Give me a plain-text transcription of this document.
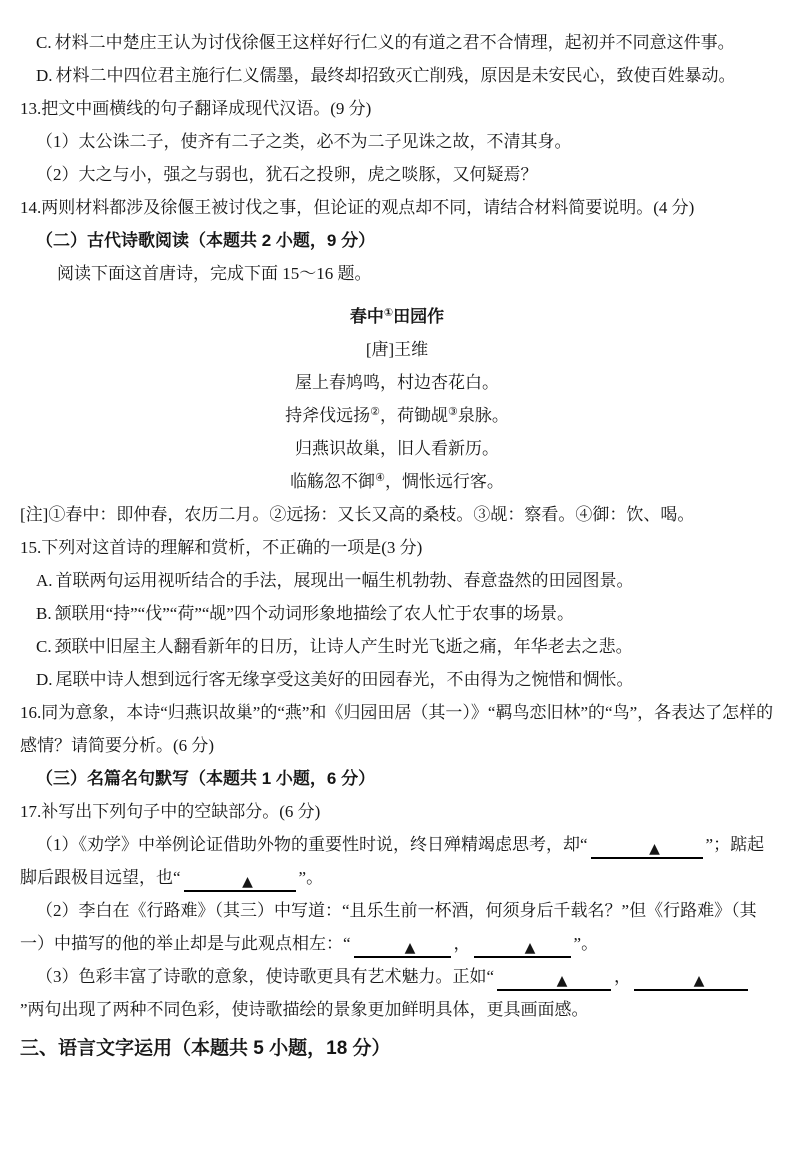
C. 材料二中楚庄王认为讨伐徐偃王这样好行仁义的有道之君不合情理，起初并不同意这件事。

D. 材料二中四位君主施行仁义儒墨，最终却招致灭亡削残，原因是未安民心，致使百姓暴动。

13.把文中画横线的句子翻译成现代汉语。(9 分)

（1）太公诛二子，使齐有二子之类，必不为二子见诛之故，不清其身。

（2）大之与小，强之与弱也，犹石之投卵，虎之啖豚，又何疑焉？

14.两则材料都涉及徐偃王被讨伐之事，但论证的观点却不同，请结合材料简要说明。(4 分)

（二）古代诗歌阅读（本题共 2 小题，9 分）

阅读下面这首唐诗，完成下面 15～16 题。

春中①田园作

[唐]王维

屋上春鸠鸣，村边杏花白。

持斧伐远扬②，荷锄觇③泉脉。

归燕识故巢，旧人看新历。

临觞忽不御④，惆怅远行客。

[注]①春中：即仲春，农历二月。②远扬：又长又高的桑枝。③觇：察看。④御：饮、喝。

15.下列对这首诗的理解和赏析，不正确的一项是(3 分)

A. 首联两句运用视听结合的手法，展现出一幅生机勃勃、春意盎然的田园图景。

B. 颔联用“持”“伐”“荷”“觇”四个动词形象地描绘了农人忙于农事的场景。

C. 颈联中旧屋主人翻看新年的日历，让诗人产生时光飞逝之痛，年华老去之悲。

D. 尾联中诗人想到远行客无缘享受这美好的田园春光，不由得为之惋惜和惆怅。

16.同为意象，本诗“归燕识故巢”的“燕”和《归园田居（其一）》“羁鸟恋旧林”的“鸟”，各表达了怎样的感情？请简要分析。(6 分)

（三）名篇名句默写（本题共 1 小题，6 分）

17.补写出下列句子中的空缺部分。(6 分)

（1）《劝学》中举例论证借助外物的重要性时说，终日殚精竭虑思考，却“	▲	”；踮起脚后跟极目远望，也“	▲	”。

（2）李白在《行路难》（其三）中写道：“且乐生前一杯酒，何须身后千载名？”但《行路难》（其一）中描写的他的举止却是与此观点相左：“	▲ ，	▲ ”。

（3）色彩丰富了诗歌的意象，使诗歌更具有艺术魅力。正如“	▲	，	▲”两句出现了两种不同色彩，使诗歌描绘的景象更加鲜明具体，更具画面感。

三、语言文字运用（本题共 5 小题，18 分）
